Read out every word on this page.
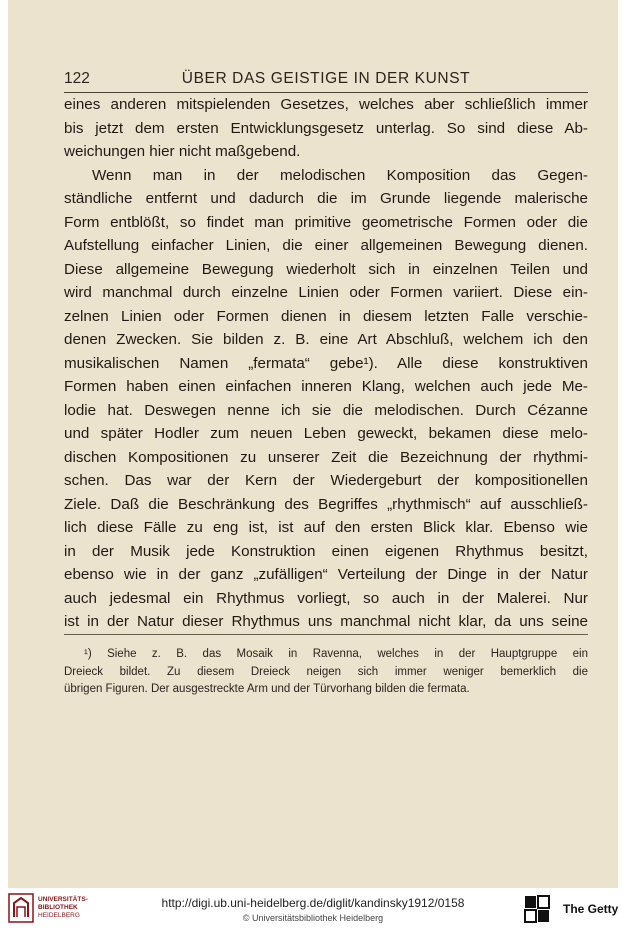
122	ÜBER DAS GEISTIGE IN DER KUNST
eines anderen mitspielenden Gesetzes, welches aber schließlich immer
bis jetzt dem ersten Entwicklungsgesetz unterlag. So sind diese Ab-
weichungen hier nicht maßgebend.
Wenn man in der melodischen Komposition das Gegen-
ständliche entfernt und dadurch die im Grunde liegende malerische
Form entblößt, so findet man primitive geometrische Formen oder die
Aufstellung einfacher Linien, die einer allgemeinen Bewegung dienen.
Diese allgemeine Bewegung wiederholt sich in einzelnen Teilen und
wird manchmal durch einzelne Linien oder Formen variiert. Diese ein-
zelnen Linien oder Formen dienen in diesem letzten Falle verschie-
denen Zwecken. Sie bilden z. B. eine Art Abschluß, welchem ich den
musikalischen Namen „fermata“ gebe¹). Alle diese konstruktiven
Formen haben einen einfachen inneren Klang, welchen auch jede Me-
lodie hat. Deswegen nenne ich sie die melodischen. Durch Cézanne
und später Hodler zum neuen Leben geweckt, bekamen diese melo-
dischen Kompositionen zu unserer Zeit die Bezeichnung der rhythmi-
schen. Das war der Kern der Wiedergeburt der kompositionellen
Ziele. Daß die Beschränkung des Begriffes „rhythmisch“ auf ausschließ-
lich diese Fälle zu eng ist, ist auf den ersten Blick klar. Ebenso wie
in der Musik jede Konstruktion einen eigenen Rhythmus besitzt,
ebenso wie in der ganz „zufälligen“ Verteilung der Dinge in der Natur
auch jedesmal ein Rhythmus vorliegt, so auch in der Malerei. Nur
ist in der Natur dieser Rhythmus uns manchmal nicht klar, da uns seine
¹) Siehe z. B. das Mosaik in Ravenna, welches in der Hauptgruppe ein
Dreieck bildet. Zu diesem Dreieck neigen sich immer weniger bemerklich die
übrigen Figuren. Der ausgestreckte Arm und der Türvorhang bilden die fermata.
UNIVERSITÄTS-
BIBLIOTHEK
HEIDELBERG
http://digi.ub.uni-heidelberg.de/diglit/kandinsky1912/0158
© Universitätsbibliothek Heidelberg
The Getty
